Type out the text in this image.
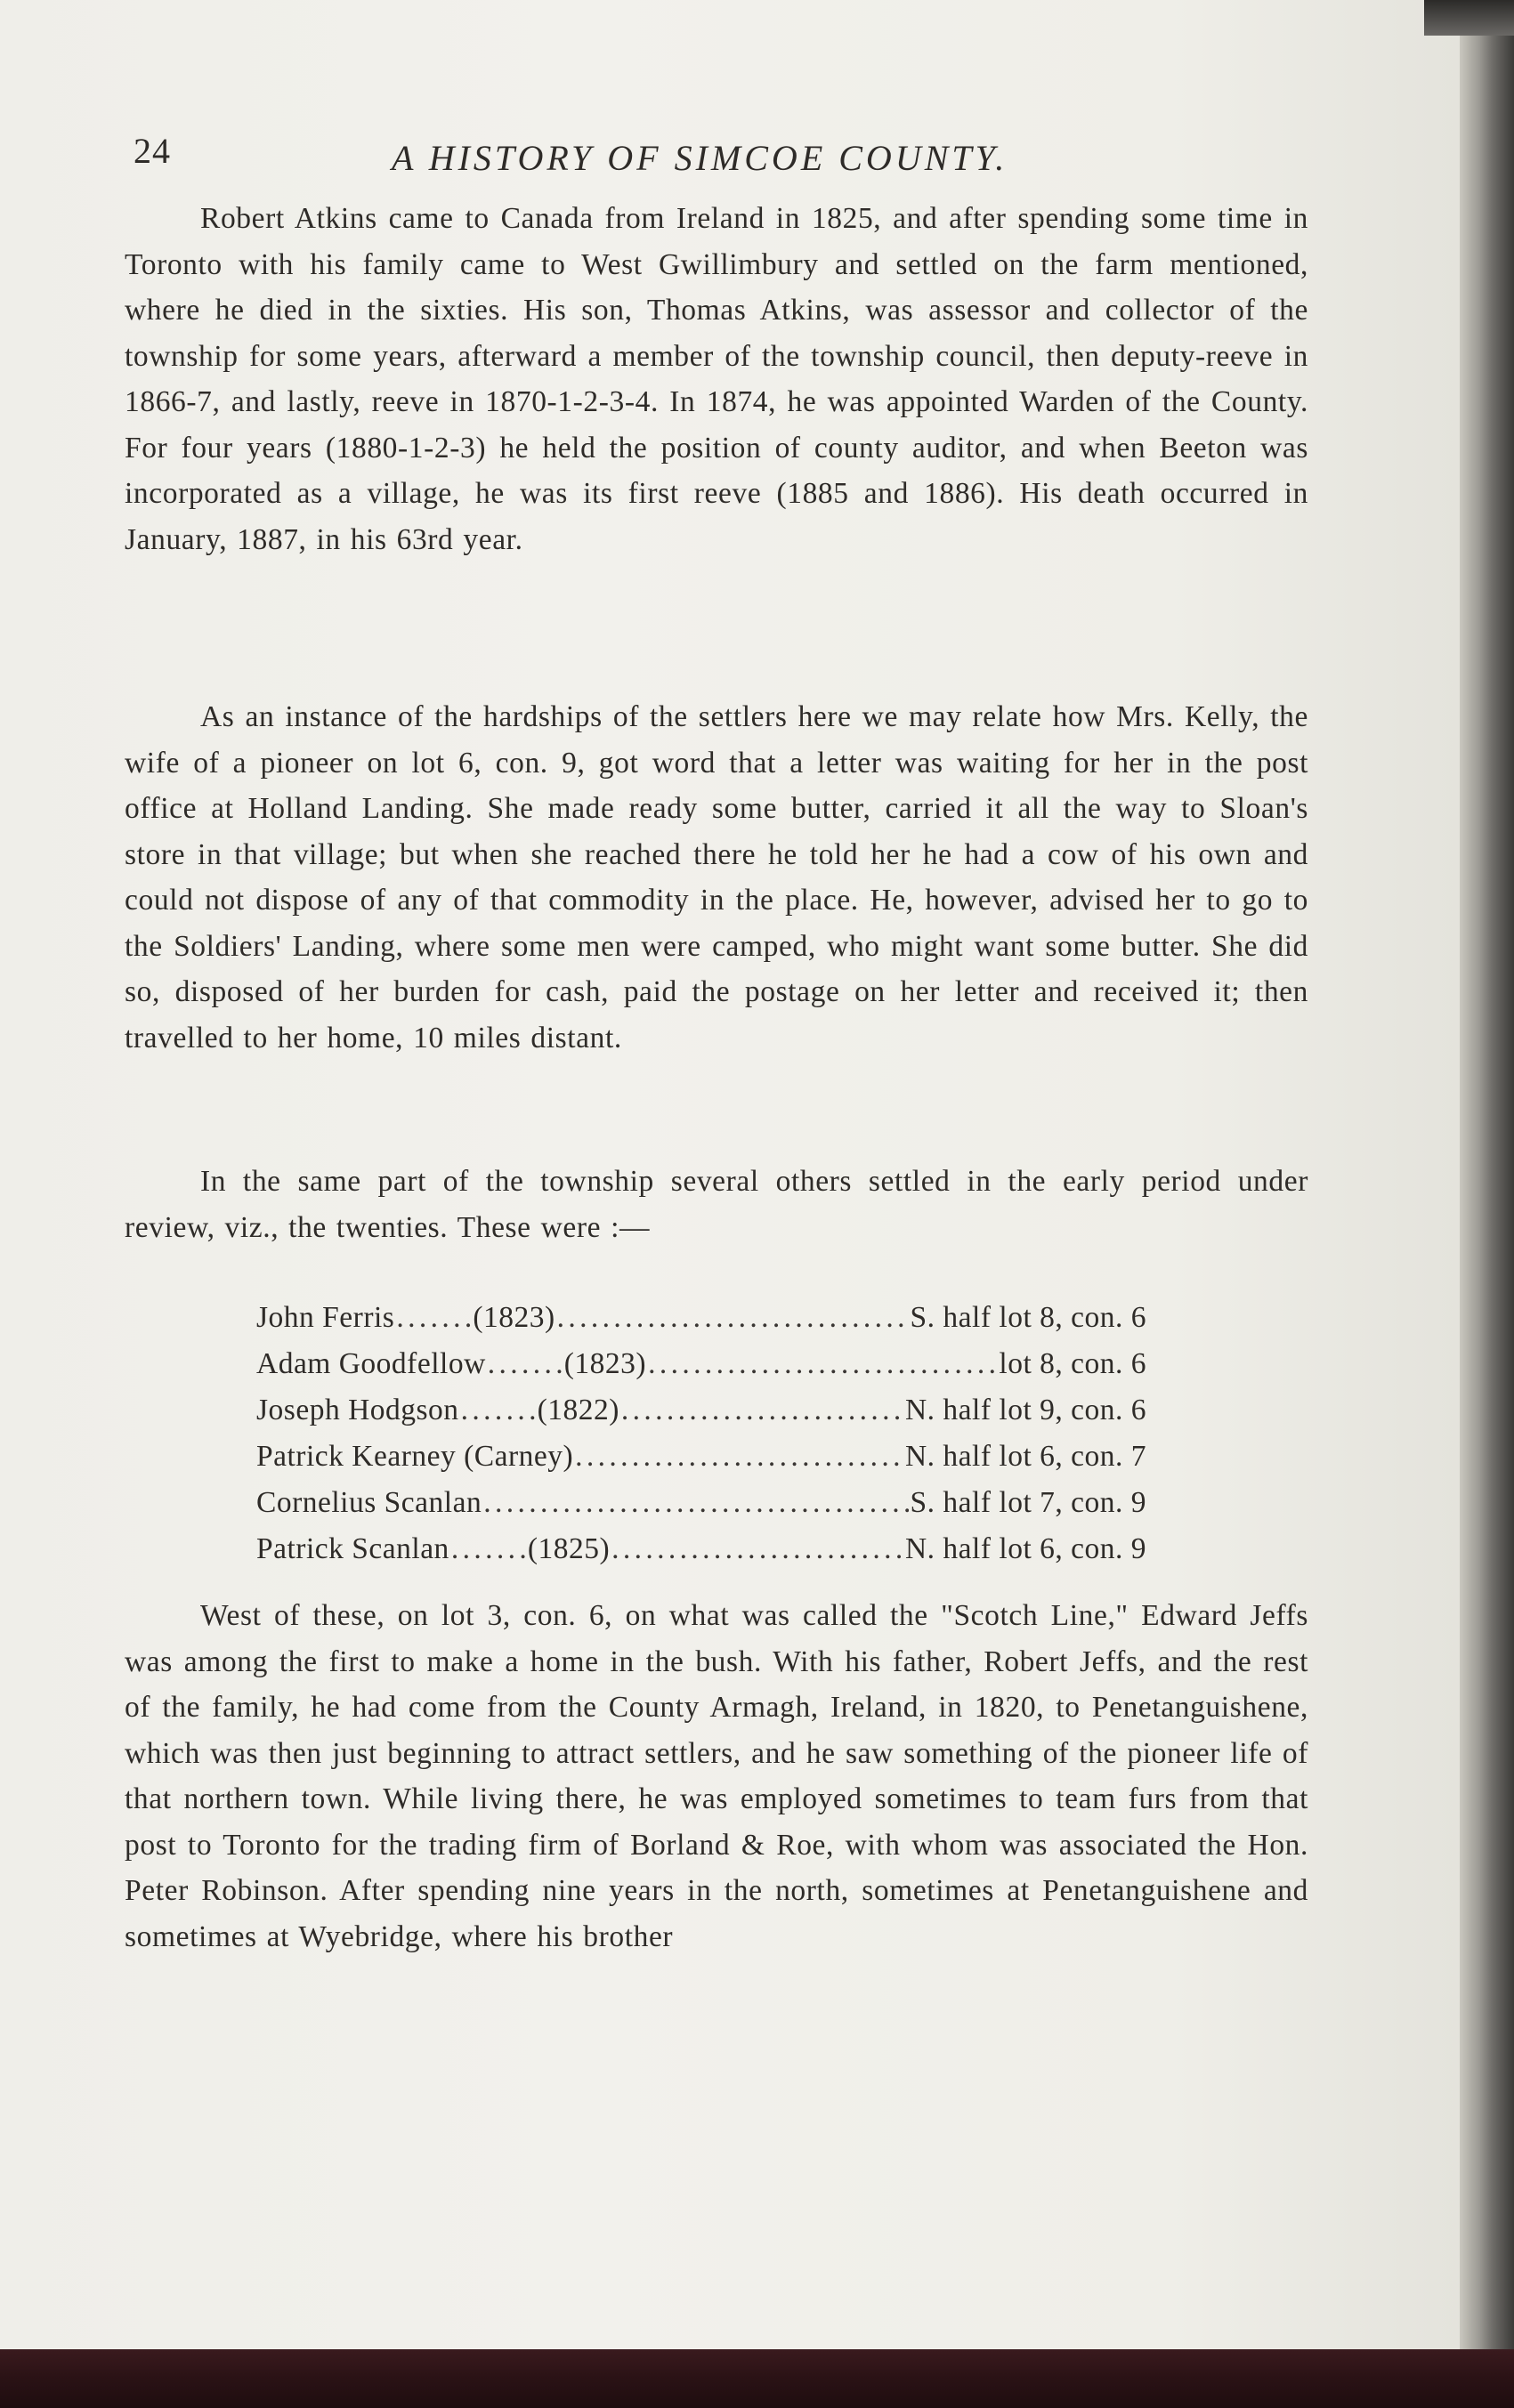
24	A HISTORY OF SIMCOE COUNTY.

Robert Atkins came to Canada from Ireland in 1825, and after spending some time in Toronto with his family came to West Gwillimbury and settled on the farm mentioned, where he died in the sixties. His son, Thomas Atkins, was assessor and collector of the township for some years, afterward a member of the township council, then deputy-reeve in 1866-7, and lastly, reeve in 1870-1-2-3-4. In 1874, he was appointed Warden of the County. For four years (1880-1-2-3) he held the position of county auditor, and when Beeton was incorporated as a village, he was its first reeve (1885 and 1886). His death occurred in January, 1887, in his 63rd year.

As an instance of the hardships of the settlers here we may relate how Mrs. Kelly, the wife of a pioneer on lot 6, con. 9, got word that a letter was waiting for her in the post office at Holland Landing. She made ready some butter, carried it all the way to Sloan's store in that village; but when she reached there he told her he had a cow of his own and could not dispose of any of that commodity in the place. He, however, advised her to go to the Soldiers' Landing, where some men were camped, who might want some butter. She did so, disposed of her burden for cash, paid the postage on her letter and received it; then travelled to her home, 10 miles distant.

In the same part of the township several others settled in the early period under review, viz., the twenties. These were :—

John Ferris . . .	(1823) . . .	S. half lot 8, con. 6
Adam Goodfellow . . .	(1823) . . .	lot 8, con. 6
Joseph Hodgson . . .	(1822) . . .	N. half lot 9, con. 6
Patrick Kearney (Carney) . . .	N. half lot 6, con. 7
Cornelius Scanlan . . .	S. half lot 7, con. 9
Patrick Scanlan . . .	(1825) . . .	N. half lot 6, con. 9

West of these, on lot 3, con. 6, on what was called the "Scotch Line," Edward Jeffs was among the first to make a home in the bush. With his father, Robert Jeffs, and the rest of the family, he had come from the County Armagh, Ireland, in 1820, to Penetanguishene, which was then just beginning to attract settlers, and he saw something of the pioneer life of that northern town. While living there, he was employed sometimes to team furs from that post to Toronto for the trading firm of Borland & Roe, with whom was associated the Hon. Peter Robinson. After spending nine years in the north, sometimes at Penetanguishene and sometimes at Wyebridge, where his brother
